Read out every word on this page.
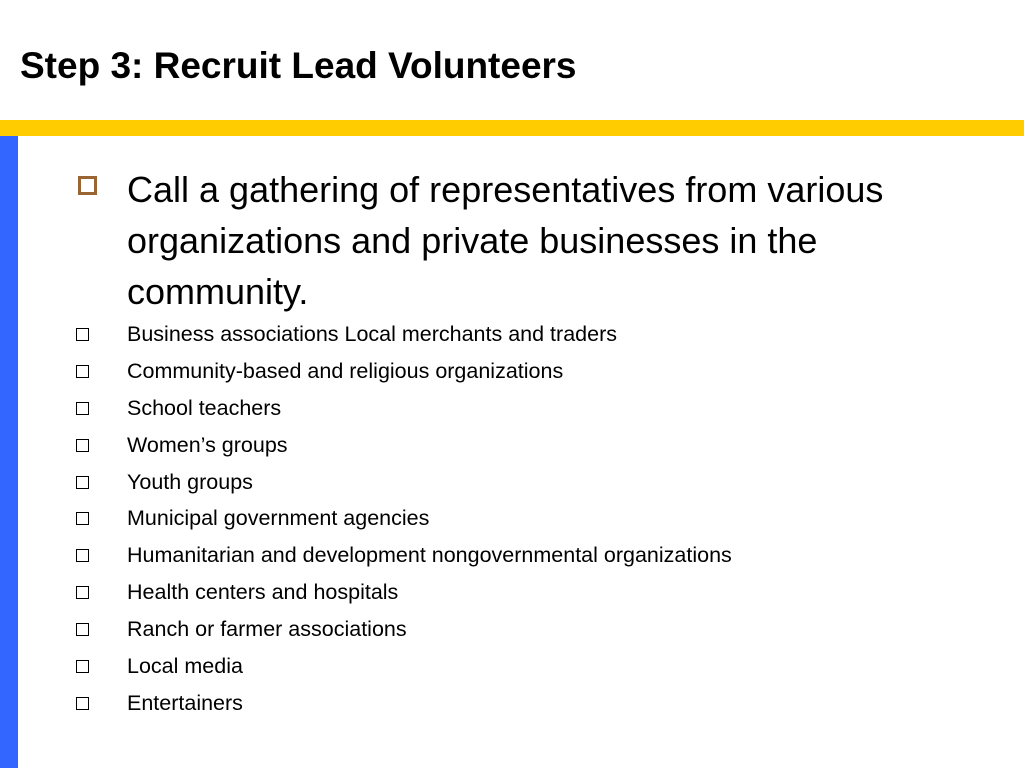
Step 3: Recruit Lead Volunteers

Call a gathering of representatives from various organizations and private businesses in the community.

Business associations Local merchants and traders
Community-based and religious organizations
School teachers
Women’s groups
Youth groups
Municipal government agencies
Humanitarian and development nongovernmental organizations
Health centers and hospitals
Ranch or farmer associations
Local media
Entertainers
